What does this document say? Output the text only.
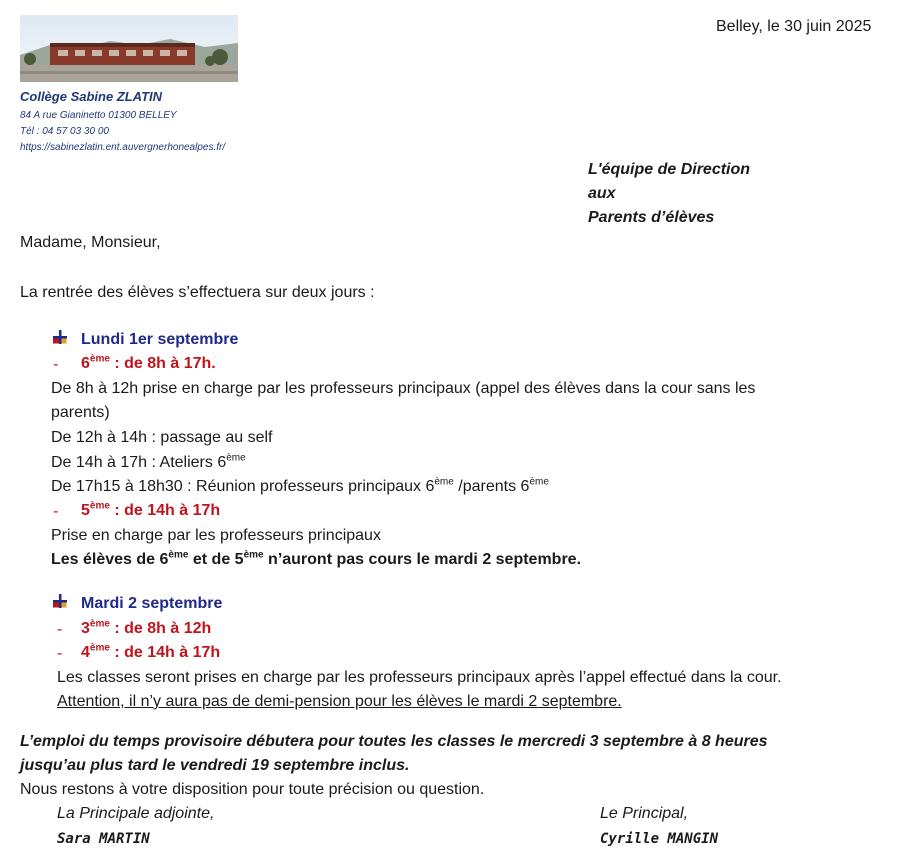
Belley, le 30 juin 2025
Collège Sabine ZLATIN
84 A rue Gianinetto 01300 BELLEY
Tél : 04 57 03 30 00
https://sabinezlatin.ent.auvergnerhonealpes.fr/
L'équipe de Direction
aux
Parents d’élèves
Madame, Monsieur,
La rentrée des élèves s’effectuera sur deux jours :
Lundi 1er septembre
- 6ème : de 8h à 17h.
De 8h à 12h prise en charge par les professeurs principaux (appel des élèves dans la cour sans les
parents)
De 12h à 14h : passage au self
De 14h à 17h : Ateliers 6ème
De 17h15 à 18h30 : Réunion professeurs principaux 6ème /parents 6ème
- 5ème : de 14h à 17h
Prise en charge par les professeurs principaux
Les élèves de 6ème et de 5ème n’auront pas cours le mardi 2 septembre.
Mardi 2 septembre
- 3ème : de 8h à 12h
- 4ème : de 14h à 17h
Les classes seront prises en charge par les professeurs principaux après l’appel effectué dans la cour.
Attention, il n’y aura pas de demi-pension pour les élèves le mardi 2 septembre.
L’emploi du temps provisoire débutera pour toutes les classes le mercredi 3 septembre à 8 heures
jusqu’au plus tard le vendredi 19 septembre inclus.
Nous restons à votre disposition pour toute précision ou question.
La Principale adjointe,
Sara MARTIN
Le Principal,
Cyrille MANGIN
